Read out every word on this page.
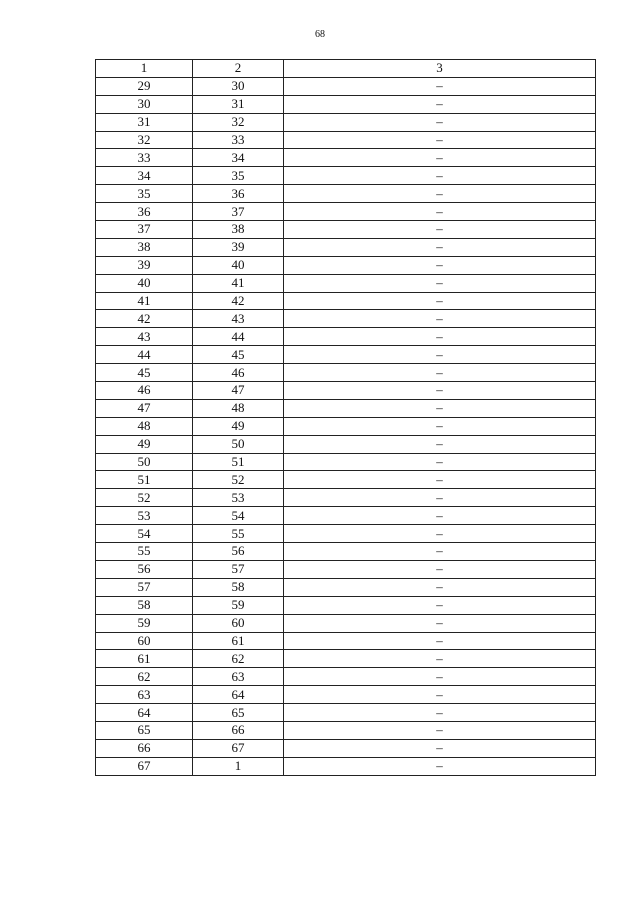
68
1	2	3
29	30	–
30	31	–
31	32	–
32	33	–
33	34	–
34	35	–
35	36	–
36	37	–
37	38	–
38	39	–
39	40	–
40	41	–
41	42	–
42	43	–
43	44	–
44	45	–
45	46	–
46	47	–
47	48	–
48	49	–
49	50	–
50	51	–
51	52	–
52	53	–
53	54	–
54	55	–
55	56	–
56	57	–
57	58	–
58	59	–
59	60	–
60	61	–
61	62	–
62	63	–
63	64	–
64	65	–
65	66	–
66	67	–
67	1	–
